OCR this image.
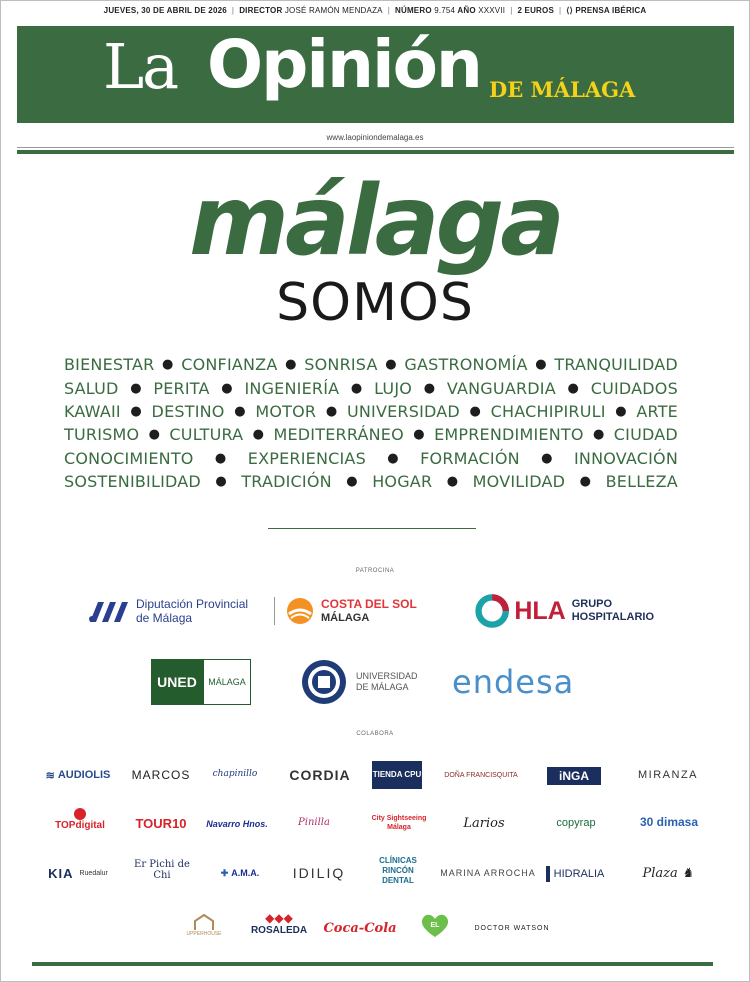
JUEVES, 30 DE ABRIL DE 2026 | DIRECTOR JOSÉ RAMÓN MENDAZA | NÚMERO 9.754 AÑO XXXVII | 2 EUROS | ⟨⟩ PRENSA IBÉRICA
La Opinión DE MÁLAGA
www.laopiniondemalaga.es
málaga
SOMOS
BIENESTAR ● CONFIANZA ● SONRISA ● GASTRONOMÍA ● TRANQUILIDAD
SALUD ● PERITA ● INGENIERÍA ● LUJO ● VANGUARDIA ● CUIDADOS
KAWAII ● DESTINO ● MOTOR ● UNIVERSIDAD ● CHACHIPIRULI ● ARTE
TURISMO ● CULTURA ● MEDITERRÁNEO ● EMPRENDIMIENTO ● CIUDAD
CONOCIMIENTO ● EXPERIENCIAS ● FORMACIÓN ● INNOVACIÓN
SOSTENIBILIDAD ● TRADICIÓN ● HOGAR ● MOVILIDAD ● BELLEZA
PATROCINA
Diputación Provincial
de Málaga
COSTA DEL SOL
MÁLAGA	HLA GRUPO
HOSPITALARIO
UNED	MÁLAGA
UNIVERSIDAD
DE MÁLAGA endesa
COLABORA
≋ AUDIOLIS	MARCOS	chapinillo	CORDIA	TIENDA CPU	DOÑA FRANCISQUITA	iNGA	MIRANZA
TOPdigital	TOUR10	Navarro Hnos.	Pinilla	City Sightseeing Málaga	Larios	copyrap	30 dimasa
KIA Ruedalur
Er Pichi de Chi	✚ A.M.A.	IDILIQ
CLÍNICAS RINCÓN DENTAL
MARINA ARROCHA HIDRALIA	Plaza ♞
UPPERHOUSE
◆◆◆
ROSALEDA Coca-Cola	EL	DOCTOR WATSON
